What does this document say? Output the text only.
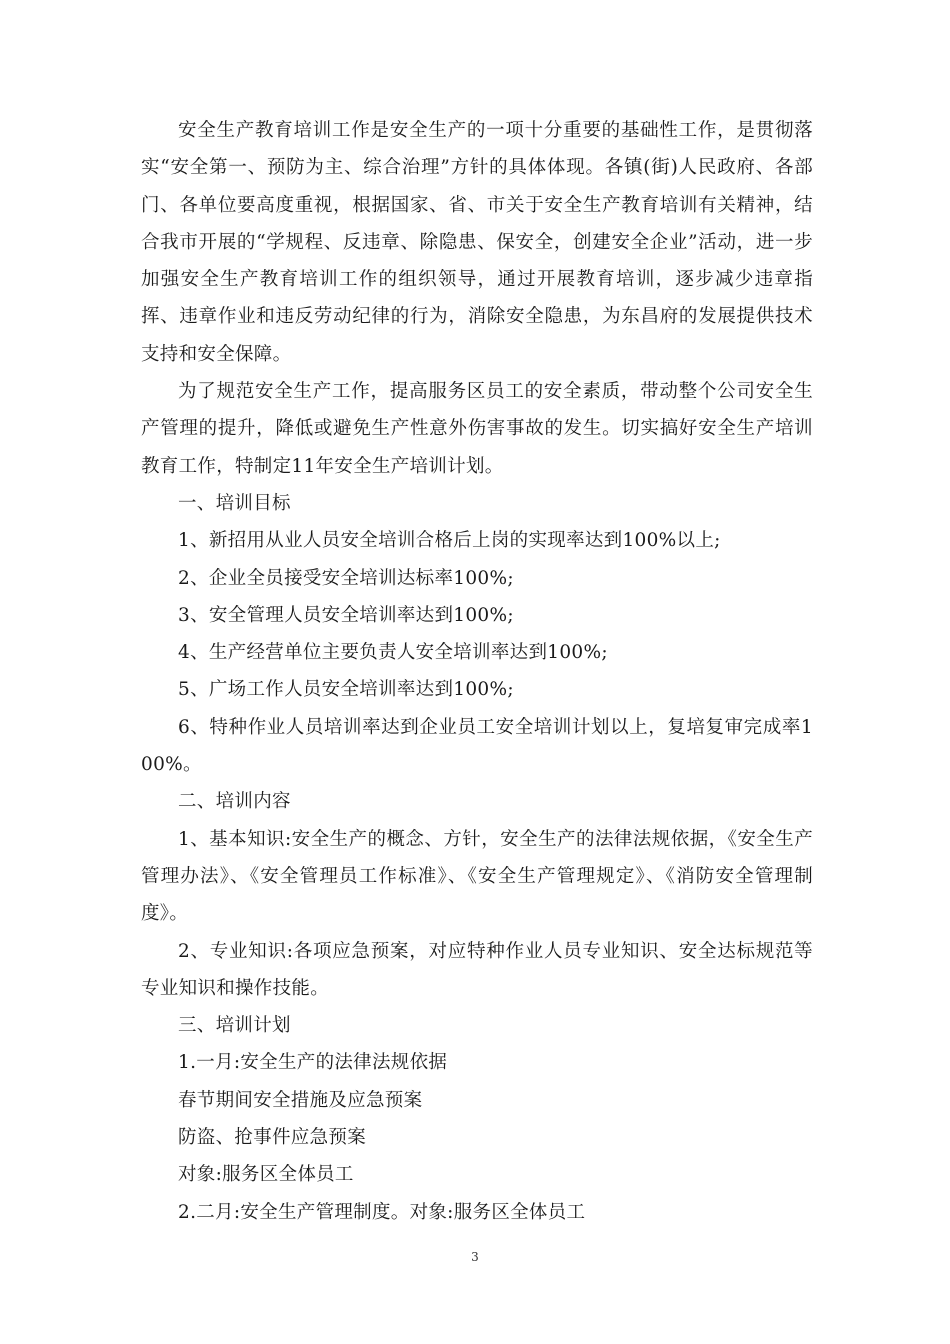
安全生产教育培训工作是安全生产的一项十分重要的基础性工作，是贯彻落实“安全第一、预防为主、综合治理”方针的具体体现。各镇(街)人民政府、各部门、各单位要高度重视，根据国家、省、市关于安全生产教育培训有关精神，结合我市开展的“学规程、反违章、除隐患、保安全，创建安全企业”活动，进一步加强安全生产教育培训工作的组织领导，通过开展教育培训，逐步减少违章指挥、违章作业和违反劳动纪律的行为，消除安全隐患，为东昌府的发展提供技术支持和安全保障。

为了规范安全生产工作，提高服务区员工的安全素质，带动整个公司安全生产管理的提升，降低或避免生产性意外伤害事故的发生。切实搞好安全生产培训教育工作，特制定11年安全生产培训计划。

一、培训目标

1、新招用从业人员安全培训合格后上岗的实现率达到100%以上;

2、企业全员接受安全培训达标率100%;

3、安全管理人员安全培训率达到100%;

4、生产经营单位主要负责人安全培训率达到100%;

5、广场工作人员安全培训率达到100%;

6、特种作业人员培训率达到企业员工安全培训计划以上，复培复审完成率100%。

二、培训内容

1、基本知识:安全生产的概念、方针，安全生产的法律法规依据，《安全生产管理办法》、《安全管理员工作标准》、《安全生产管理规定》、《消防安全管理制度》。

2、专业知识:各项应急预案，对应特种作业人员专业知识、安全达标规范等专业知识和操作技能。

三、培训计划

1.一月:安全生产的法律法规依据

春节期间安全措施及应急预案

防盗、抢事件应急预案

对象:服务区全体员工

2.二月:安全生产管理制度。对象:服务区全体员工

3
